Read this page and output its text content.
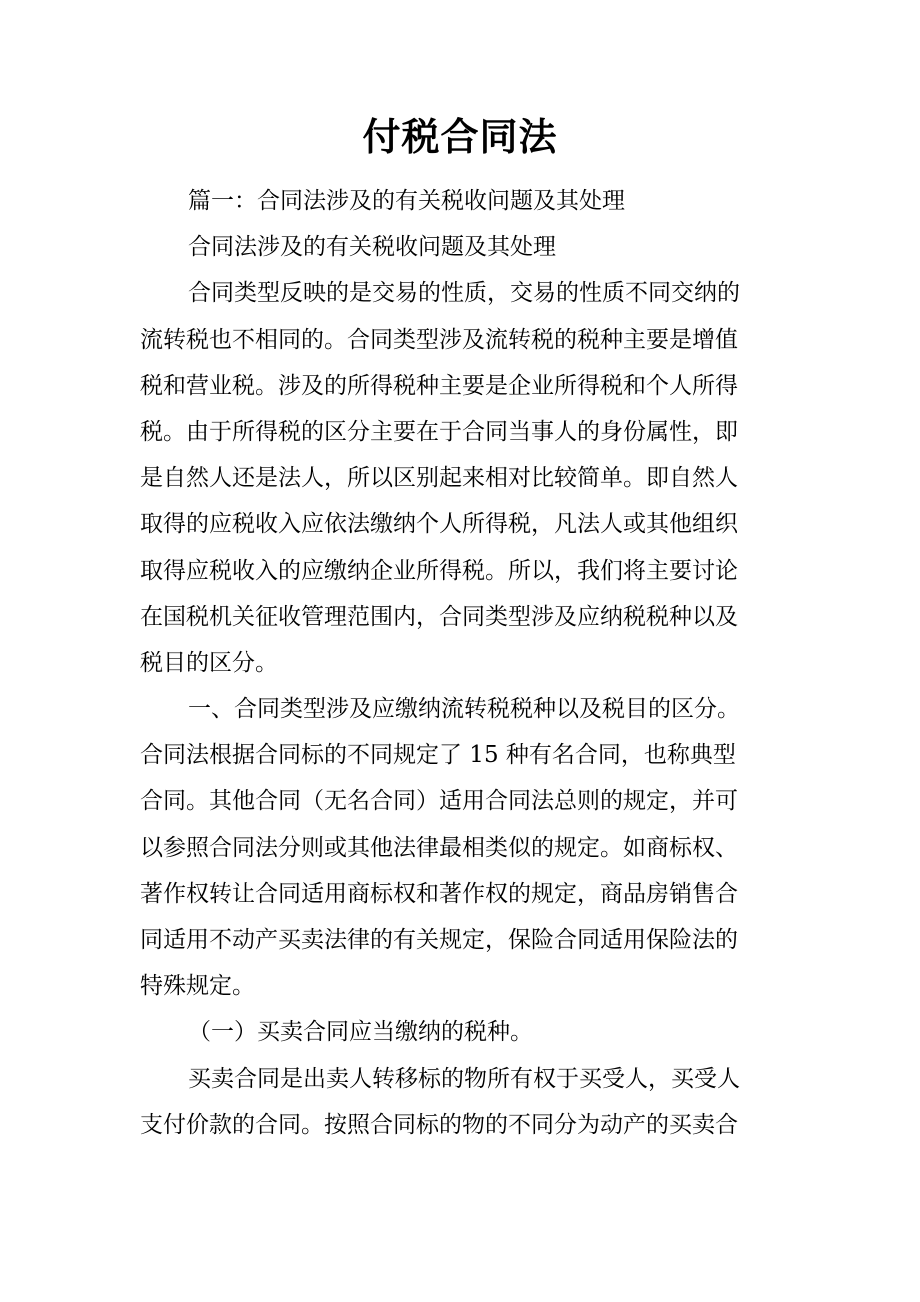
付税合同法
篇一：合同法涉及的有关税收问题及其处理
合同法涉及的有关税收问题及其处理
合同类型反映的是交易的性质，交易的性质不同交纳的
流转税也不相同的。合同类型涉及流转税的税种主要是增值
税和营业税。涉及的所得税种主要是企业所得税和个人所得
税。由于所得税的区分主要在于合同当事人的身份属性，即
是自然人还是法人，所以区别起来相对比较简单。即自然人
取得的应税收入应依法缴纳个人所得税，凡法人或其他组织
取得应税收入的应缴纳企业所得税。所以，我们将主要讨论
在国税机关征收管理范围内，合同类型涉及应纳税税种以及
税目的区分。
一、合同类型涉及应缴纳流转税税种以及税目的区分。
合同法根据合同标的不同规定了 15 种有名合同，也称典型
合同。其他合同（无名合同）适用合同法总则的规定，并可
以参照合同法分则或其他法律最相类似的规定。如商标权、
著作权转让合同适用商标权和著作权的规定，商品房销售合
同适用不动产买卖法律的有关规定，保险合同适用保险法的
特殊规定。
（一）买卖合同应当缴纳的税种。
买卖合同是出卖人转移标的物所有权于买受人，买受人
支付价款的合同。按照合同标的物的不同分为动产的买卖合
